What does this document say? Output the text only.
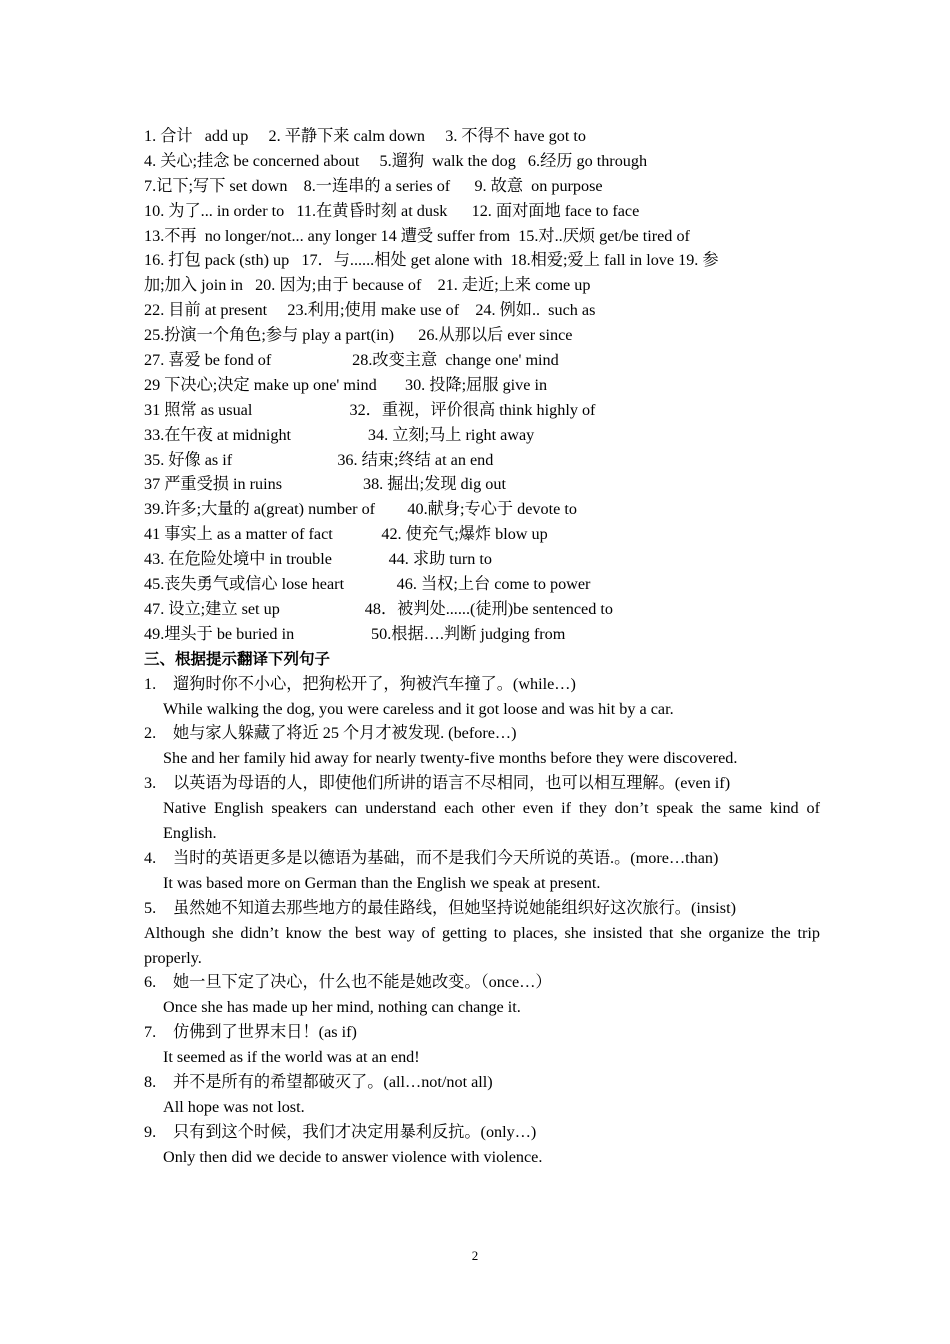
1. 合计   add up     2. 平静下来 calm down     3. 不得不 have got to
4. 关心;挂念 be concerned about     5.遛狗  walk the dog   6.经历 go through
7.记下;写下 set down    8.一连串的 a series of      9. 故意  on purpose
10. 为了... in order to   11.在黄昏时刻 at dusk      12. 面对面地 face to face
13.不再  no longer/not... any longer 14 遭受 suffer from  15.对..厌烦 get/be tired of
16. 打包 pack (sth) up   17．与......相处 get alone with  18.相爱;爱上 fall in love 19. 参
加;加入 join in   20. 因为;由于 because of    21. 走近;上来 come up
22. 目前 at present     23.利用;使用 make use of    24. 例如..  such as
25.扮演一个角色;参与 play a part(in)      26.从那以后 ever since
27. 喜爱 be fond of                    28.改变主意  change one' mind
29 下决心;决定 make up one' mind       30. 投降;屈服 give in
31 照常 as usual                        32．重视，评价很高 think highly of
33.在午夜 at midnight                   34. 立刻;马上 right away
35. 好像 as if                          36. 结束;终结 at an end
37 严重受损 in ruins                    38. 掘出;发现 dig out
39.许多;大量的 a(great) number of        40.献身;专心于 devote to
41 事实上 as a matter of fact            42. 使充气;爆炸 blow up
43. 在危险处境中 in trouble              44. 求助 turn to
45.丧失勇气或信心 lose heart             46. 当权;上台 come to power
47. 设立;建立 set up                     48．被判处......(徒刑)be sentenced to
49.埋头于 be buried in                   50.根据….判断 judging from
三、根据提示翻译下列句子
1.	遛狗时你不小心，把狗松开了，狗被汽车撞了。(while…)
While walking the dog, you were careless and it got loose and was hit by a car.
2.	她与家人躲藏了将近 25 个月才被发现. (before…)
She and her family hid away for nearly twenty-five months before they were discovered.
3.	以英语为母语的人，即使他们所讲的语言不尽相同，也可以相互理解。(even if)
Native English speakers can understand each other even if they don’t speak the same kind of English.
4.	当时的英语更多是以德语为基础，而不是我们今天所说的英语.。(more…than)
It was based more on German than the English we speak at present.
5.	虽然她不知道去那些地方的最佳路线，但她坚持说她能组织好这次旅行。(insist)
Although she didn’t know the best way of getting to places, she insisted that she organize the trip properly.
6.	她一旦下定了决心，什么也不能是她改变。（once…）
Once she has made up her mind, nothing can change it.
7.	仿佛到了世界末日！(as if)
It seemed as if the world was at an end!
8.	并不是所有的希望都破灭了。(all…not/not all)
All hope was not lost.
9.	只有到这个时候，我们才决定用暴利反抗。(only…)
Only then did we decide to answer violence with violence.
2
